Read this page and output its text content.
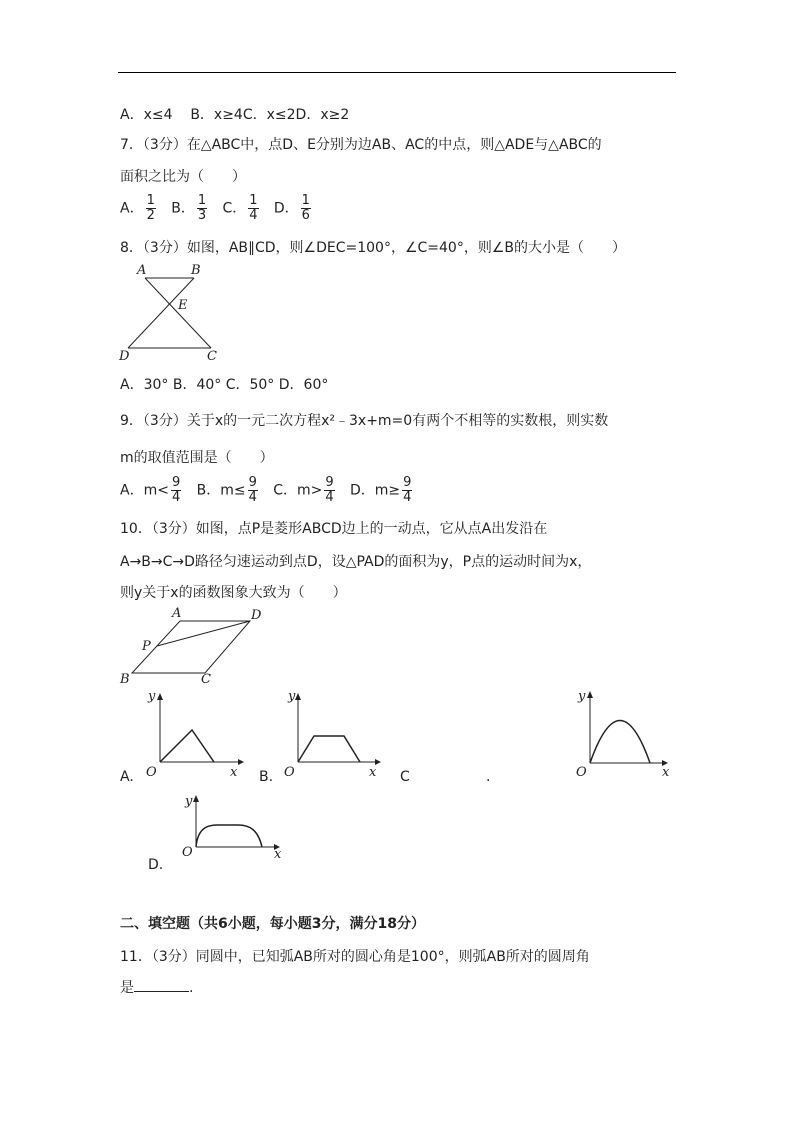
A．x≤4 B．x≥4C．x≤2D．x≥2
7．（3分）在△ABC中，点D、E分别为边AB、AC的中点，则△ADE与△ABC的
面积之比为（　　）
A． $\frac{1}{2}$ B． $\frac{1}{3}$ C． $\frac{1}{4}$ D． $\frac{1}{6}$
8．（3分）如图，AB∥CD，则∠DEC=100°，∠C=40°，则∠B的大小是（　　）
A	B
E
D	C
A．30° B．40° C．50° D．60°
9．（3分）关于x的一元二次方程x²﹣3x+m=0有两个不相等的实数根，则实数
m的取值范围是（　　）
A．$m< \frac{9}{4}$ B．$m\le \frac{9}{4}$ C．$m> \frac{9}{4}$ D．$m\ge \frac{9}{4}$
10．（3分）如图，点P是菱形ABCD边上的一动点，它从点A出发沿在
A→B→C→D路径匀速运动到点D，设△PAD的面积为y，P点的运动时间为x，
则y关于x的函数图象大致为（　　）
A	D
P
B	C
A.
y
x
O	B.
y
x
O	C	.
y
x
O
D.
y
x
O
二、填空题（共6小题，每小题3分，满分18分）
11．（3分）同圆中，已知弧AB所对的圆心角是100°，则弧AB所对的圆周角
是	.
